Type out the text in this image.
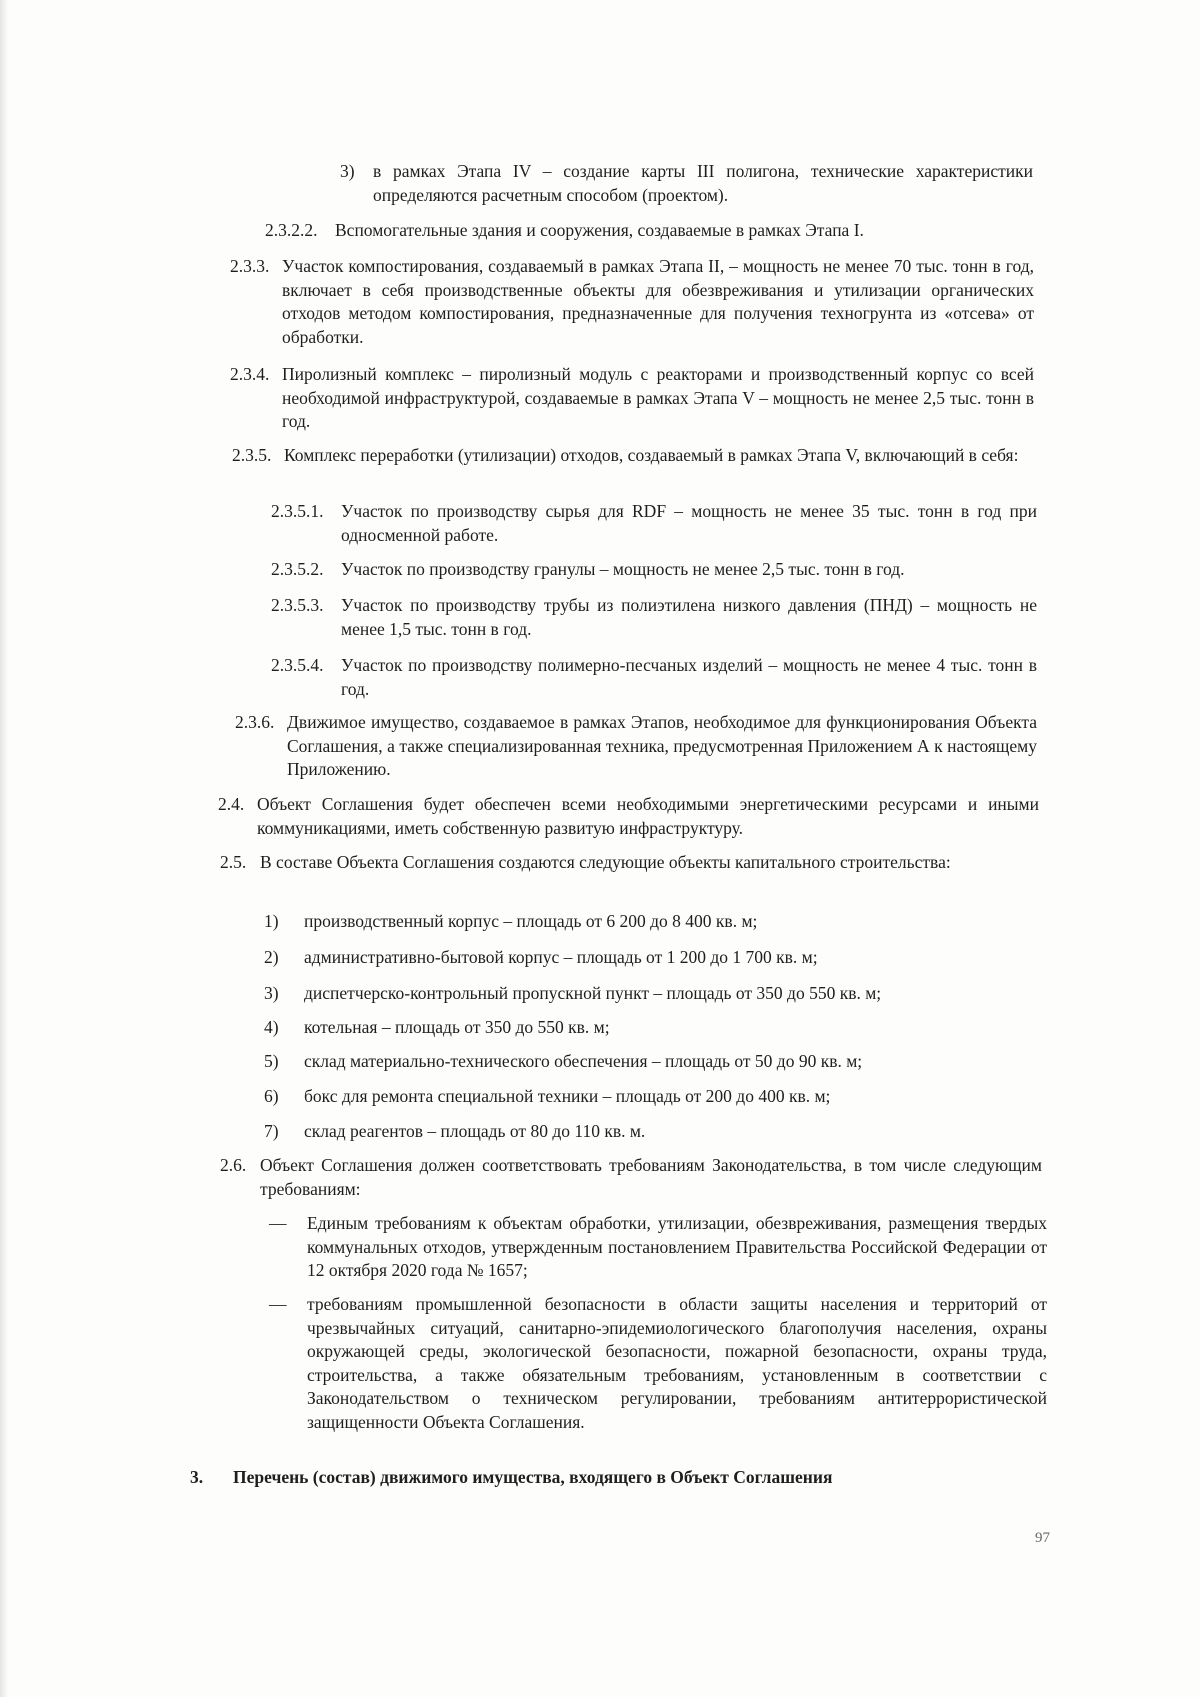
3) в рамках Этапа IV – создание карты III полигона, технические характеристики определяются расчетным способом (проектом).
2.3.2.2. Вспомогательные здания и сооружения, создаваемые в рамках Этапа I.
2.3.3. Участок компостирования, создаваемый в рамках Этапа II, – мощность не менее 70 тыс. тонн в год, включает в себя производственные объекты для обезвреживания и утилизации органических отходов методом компостирования, предназначенные для получения техногрунта из «отсева» от обработки.
2.3.4. Пиролизный комплекс – пиролизный модуль с реакторами и производственный корпус со всей необходимой инфраструктурой, создаваемые в рамках Этапа V – мощность не менее 2,5 тыс. тонн в год.
2.3.5. Комплекс переработки (утилизации) отходов, создаваемый в рамках Этапа V, включающий в себя:
2.3.5.1. Участок по производству сырья для RDF – мощность не менее 35 тыс. тонн в год при односменной работе.
2.3.5.2. Участок по производству гранулы – мощность не менее 2,5 тыс. тонн в год.
2.3.5.3. Участок по производству трубы из полиэтилена низкого давления (ПНД) – мощность не менее 1,5 тыс. тонн в год.
2.3.5.4. Участок по производству полимерно-песчаных изделий – мощность не менее 4 тыс. тонн в год.
2.3.6. Движимое имущество, создаваемое в рамках Этапов, необходимое для функционирования Объекта Соглашения, а также специализированная техника, предусмотренная Приложением А к настоящему Приложению.
2.4. Объект Соглашения будет обеспечен всеми необходимыми энергетическими ресурсами и иными коммуникациями, иметь собственную развитую инфраструктуру.
2.5. В составе Объекта Соглашения создаются следующие объекты капитального строительства:
1) производственный корпус – площадь от 6 200 до 8 400 кв. м;
2) административно-бытовой корпус – площадь от 1 200 до 1 700 кв. м;
3) диспетчерско-контрольный пропускной пункт – площадь от 350 до 550 кв. м;
4) котельная – площадь от 350 до 550 кв. м;
5) склад материально-технического обеспечения – площадь от 50 до 90 кв. м;
6) бокс для ремонта специальной техники – площадь от 200 до 400 кв. м;
7) склад реагентов – площадь от 80 до 110 кв. м.
2.6. Объект Соглашения должен соответствовать требованиям Законодательства, в том числе следующим требованиям:
— Единым требованиям к объектам обработки, утилизации, обезвреживания, размещения твердых коммунальных отходов, утвержденным постановлением Правительства Российской Федерации от 12 октября 2020 года № 1657;
— требованиям промышленной безопасности в области защиты населения и территорий от чрезвычайных ситуаций, санитарно-эпидемиологического благополучия населения, охраны окружающей среды, экологической безопасности, пожарной безопасности, охраны труда, строительства, а также обязательным требованиям, установленным в соответствии с Законодательством о техническом регулировании, требованиям антитеррористической защищенности Объекта Соглашения.
3. Перечень (состав) движимого имущества, входящего в Объект Соглашения
97
